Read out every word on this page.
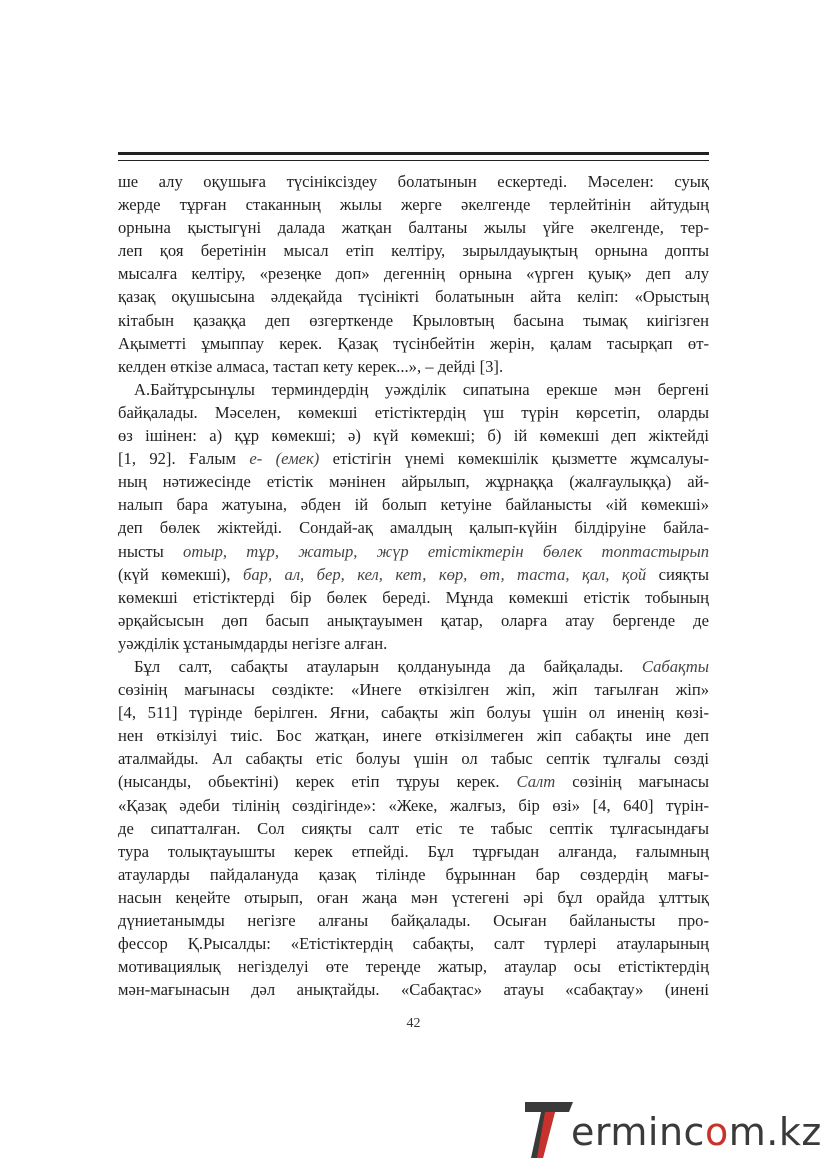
ше алу оқушыға түсініксіздеу болатынын ескертеді. Мәселен: суық
жерде тұрған стаканның жылы жерге әкелгенде терлейтінін айтудың
орнына қыстыгүні далада жатқан балтаны жылы үйге әкелгенде, тер-
леп қоя беретінін мысал етіп келтіру, зырылдауықтың орнына допты
мысалға келтіру, «резеңке доп» дегеннің орнына «үрген қуық» деп алу
қазақ оқушысына әлдеқайда түсінікті болатынын айта келіп: «Орыстың
кітабын қазаққа деп өзгерткенде Крыловтың басына тымақ киігізген
Ақыметті ұмыппау керек. Қазақ түсінбейтін жерін, қалам тасырқап өт-
келден өткізе алмаса, тастап кету керек...», – дейді [3].
А.Байтұрсынұлы терминдердің уәждiлiк сипатына ерекше мән бергені
байқалады. Мәселен, көмекші етістіктердің үш түрін көрсетіп, оларды
өз ішінен: а) құр көмекші; ә) күй көмекші; б) ій көмекші деп жіктейді
[1, 92]. Ғалым е- (емек) етістігін үнемі көмекшілік қызметте жұмсалуы-
ның нәтижесінде етістік мәнінен айрылып, жұрнаққа (жалғаулыққа) ай-
налып бара жатуына, әбден ій болып кетуіне байланысты «ій көмекші»
деп бөлек жіктейді. Сондай-ақ амалдың қалып-күйін білдіруіне байла-
нысты отыр, тұр, жатыр, жүр етістіктерін бөлек топтастырып
(күй көмекші), бар, ал, бер, кел, кет, көр, өт, таста, қал, қой сияқты
көмекші етістіктерді бір бөлек береді. Мұнда көмекші етістік тобының
әрқайсысын дөп басып анықтауымен қатар, оларға атау бергенде де
уәждiлiк ұстанымдарды негізге алған.
Бұл салт, сабақты атауларын қолдануында да байқалады. Сабақты
сөзінің мағынасы сөздікте: «Инеге өткізілген жіп, жіп тағылған жіп»
[4, 511] түрінде берілген. Яғни, сабақты жіп болуы үшін ол иненің көзі-
нен өткізілуі тиіс. Бос жатқан, инеге өткізілмеген жіп сабақты ине деп
аталмайды. Ал сабақты етіс болуы үшін ол табыс септік тұлғалы сөзді
(нысанды, обьектіні) керек етіп тұруы керек. Салт сөзінің мағынасы
«Қазақ әдеби тілінің сөздігінде»: «Жеке, жалғыз, бір өзі» [4, 640] түрін-
де сипатталған. Сол сияқты салт етіс те табыс септік тұлғасындағы
тура толықтауышты керек етпейді. Бұл тұрғыдан алғанда, ғалымның
атауларды пайдалануда қазақ тілінде бұрыннан бар сөздердің мағы-
насын кеңейте отырып, оған жаңа мән үстегені әрі бұл орайда ұлттық
дүниетанымды негізге алғаны байқалады. Осыған байланысты про-
фессор Қ.Рысалды: «Етістіктердің сабақты, салт түрлері атауларының
мотивациялық негізделуі өте тереңде жатыр, атаулар осы етістіктердің
мән-мағынасын дәл анықтайды. «Сабақтас» атауы «сабақтау» (инені
42
ermincom.kz
